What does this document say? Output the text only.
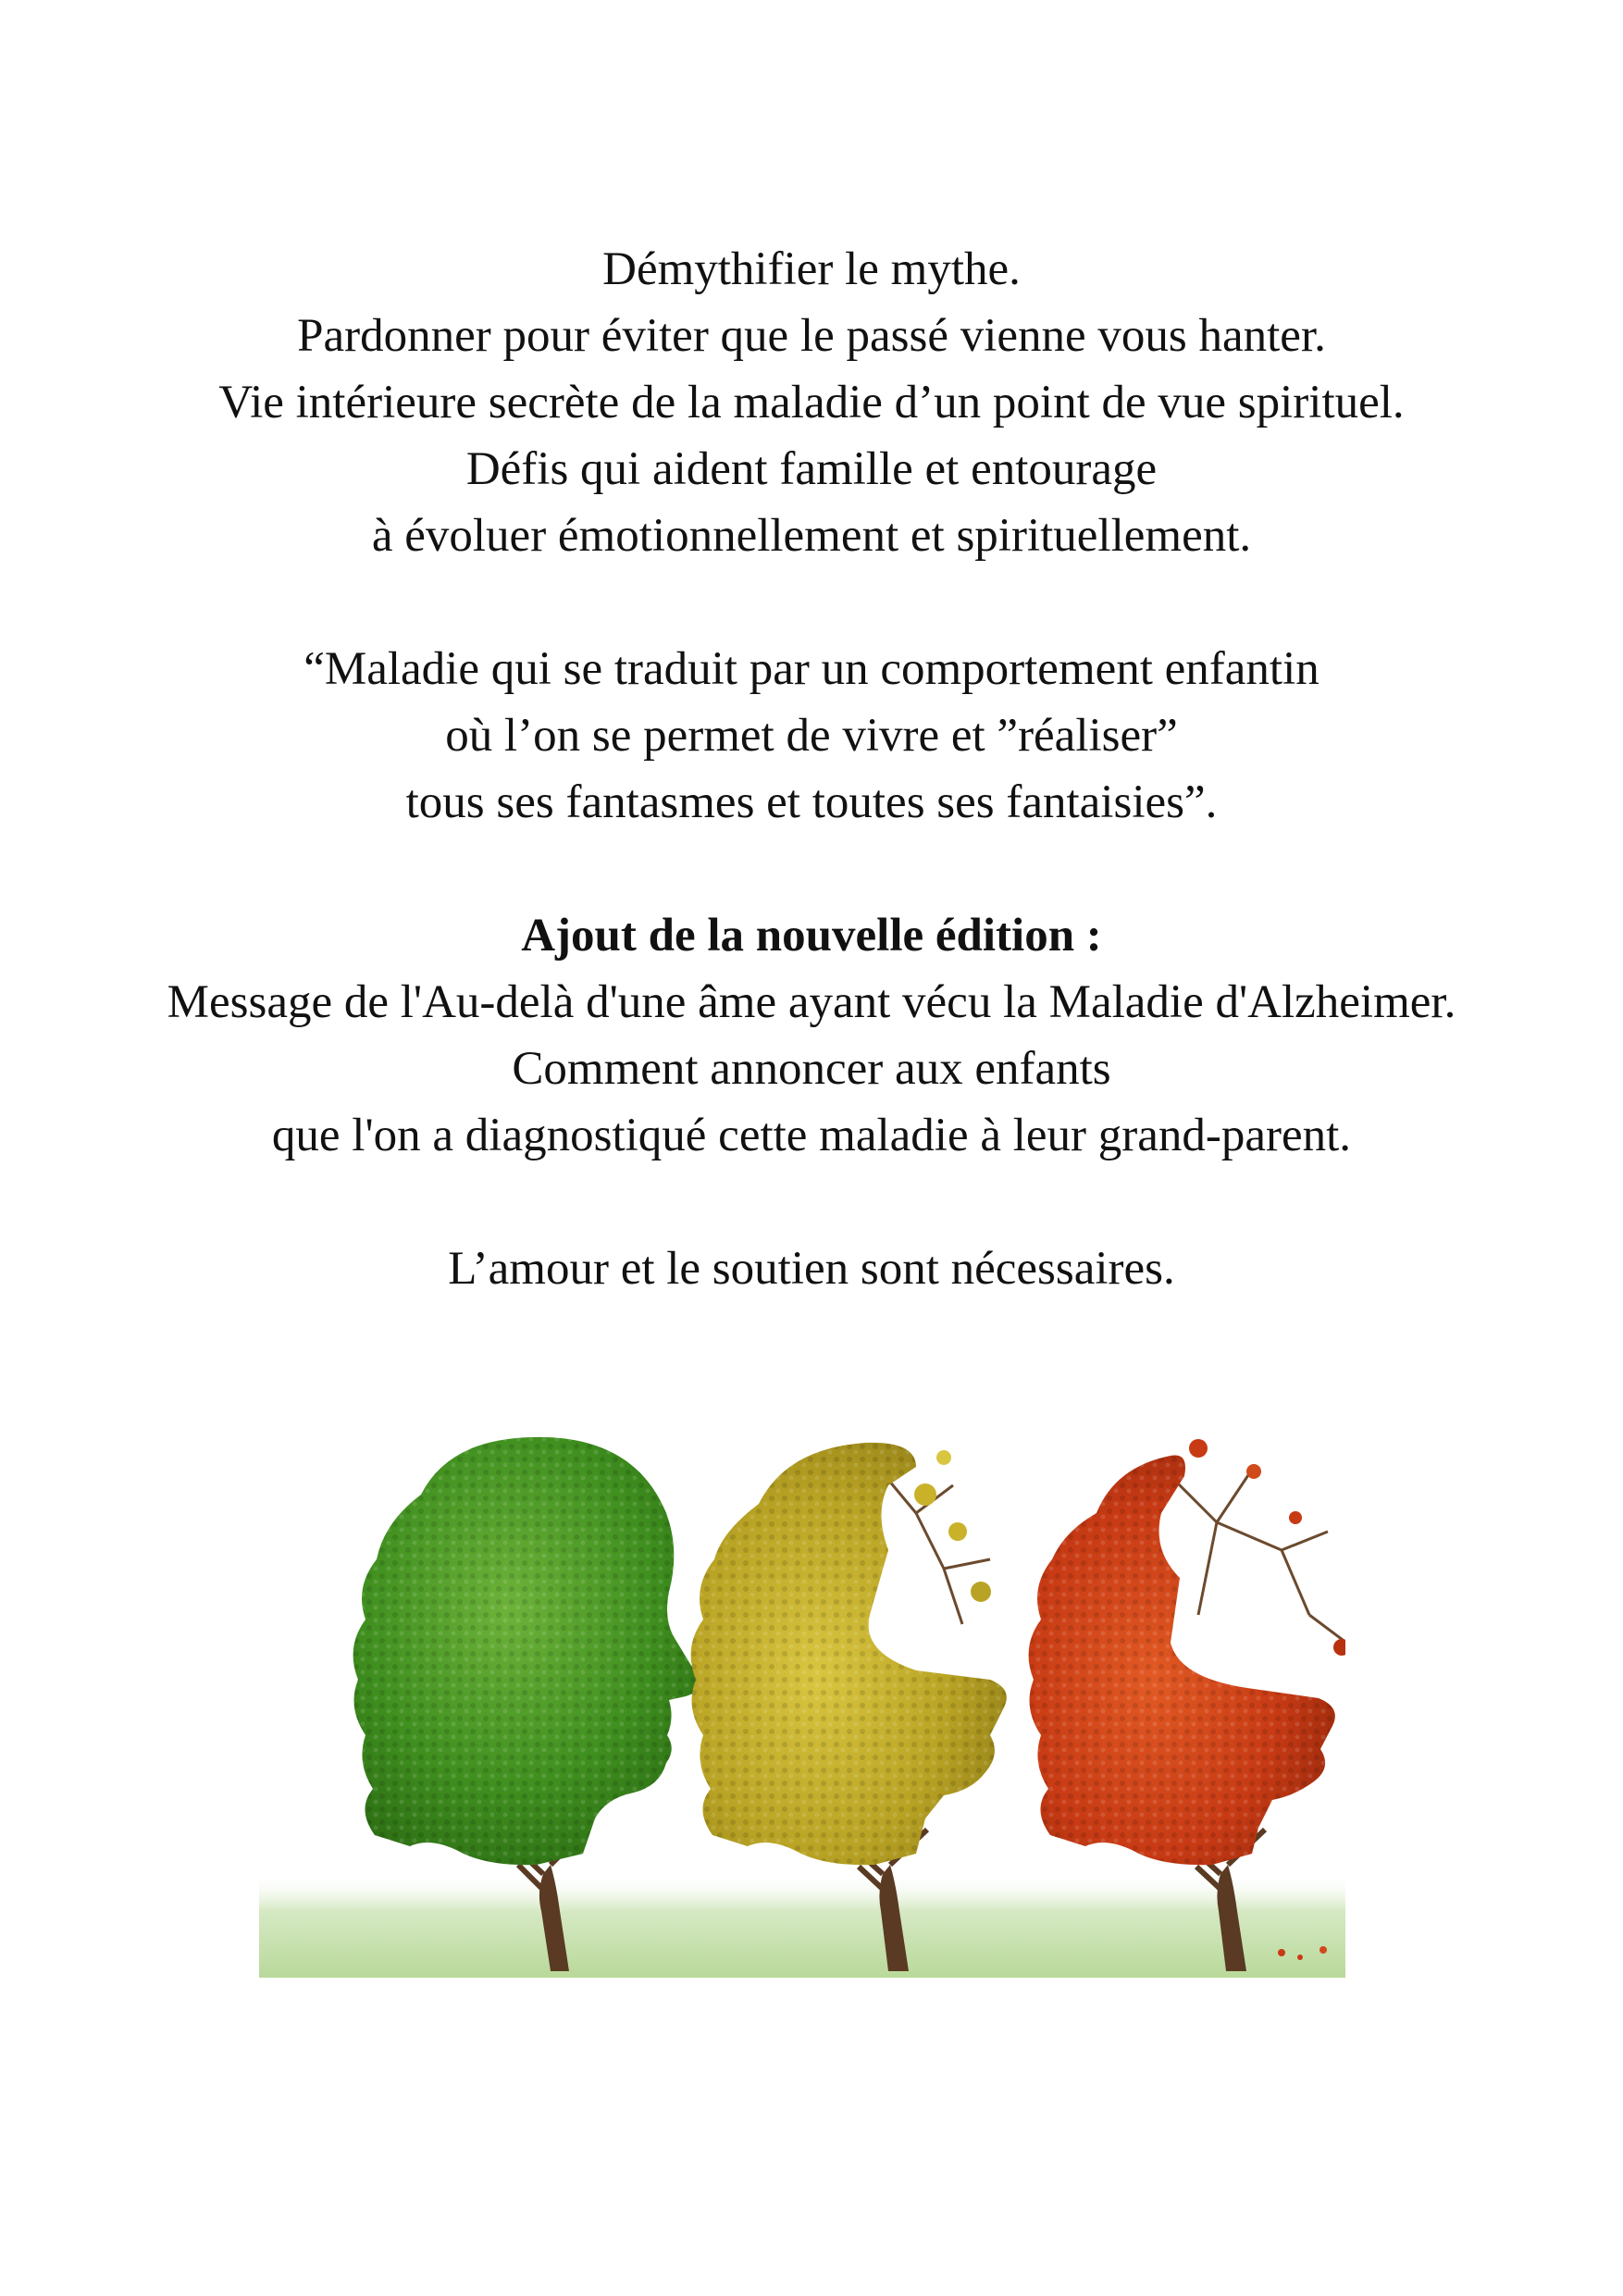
Démythifier le mythe.
Pardonner pour éviter que le passé vienne vous hanter.
Vie intérieure secrète de la maladie d’un point de vue spirituel.
Défis qui aident famille et entourage
à évoluer émotionnellement et spirituellement.
“Maladie qui se traduit par un comportement enfantin
où l’on se permet de vivre et ”réaliser”
tous ses fantasmes et toutes ses fantaisies”.
Ajout de la nouvelle édition :
Message de l'Au-delà d'une âme ayant vécu la Maladie d'Alzheimer.
Comment annoncer aux enfants
que l'on a diagnostiqué cette maladie à leur grand-parent.
L’amour et le soutien sont nécessaires.
